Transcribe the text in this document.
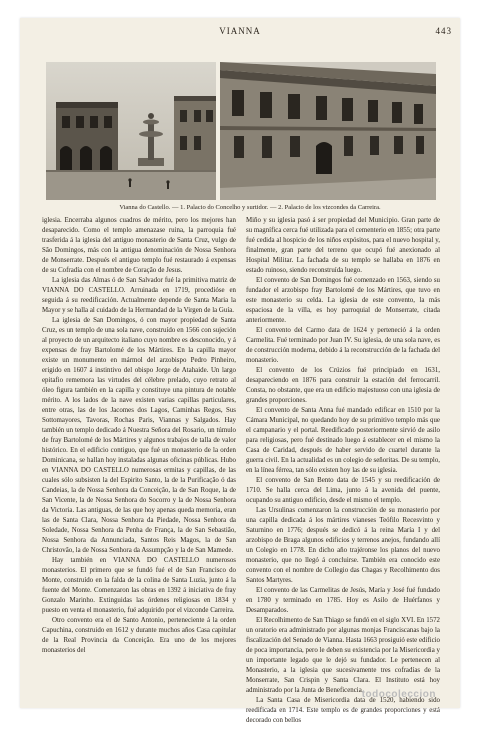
VIANNA	443
Vianna do Castello. — 1. Palacio do Concelho y surtidor. — 2. Palacio de los vizcondes da Carreira.

iglesia. Encerraba algunos cuadros de mérito, pero los mejores han desaparecido. Como el templo amenazase ruina, la parroquia fué trasferida á la iglesia del antiguo monasterio de Santa Cruz, vulgo de São Domingos, más con la antigua denominación de Nossa Senhora de Monserrate. Después el antiguo templo fué restaurado á expensas de su Cofradía con el nombre de Coração de Jesus.

La iglesia das Almas ó de San Salvador fué la primitiva matriz de VIANNA DO CASTELLO. Arruinada en 1719, procedióse en seguida á su reedificación. Actualmente depende de Santa Maria la Mayor y se halla al cuidado de la Hermandad de la Virgen de la Guía.

La iglesia de San Domingos, ó con mayor propiedad de Santa Cruz, es un templo de una sola nave, construído en 1566 con sujeción al proyecto de un arquitecto italiano cuyo nombre es desconocido, y á expensas de fray Bartolomé de los Mártires. En la capilla mayor existe un monumento en mármol del arzobispo Pedro Pinheiro, erigido en 1607 á instintivo del obispo Jorge de Atahaide. Un largo epitafio rememora las virtudes del célebre prelado, cuyo retrato al óleo figura también en la capilla y constituye una pintura de notable mérito. A los lados de la nave existen varias capillas particulares, entre otras, las de los Jacomes dos Lagos, Caminhas Regos, Sus Sottomayores, Tavoras, Rochas Paris, Viannas y Salgados. Hay también un templo dedicado á Nuestra Señora del Rosario, un túmulo de fray Bartolomé de los Mártires y algunos trabajos de talla de valor histórico. En el edificio contiguo, que fué un monasterio de la orden Dominicana, se hallan hoy instaladas algunas oficinas públicas. Hubo en VIANNA DO CASTELLO numerosas ermitas y capillas, de las cuales sólo subsisten la del Espirito Santo, la de la Purificação ó das Candeias, la de Nossa Senhora da Conceição, la de San Roque, la de San Vicente, la de Nossa Senhora do Socorro y la de Nossa Senhora da Victoria. Las antiguas, de las que hoy apenas queda memoria, eran las de Santa Clara, Nossa Senhora da Piedade, Nossa Senhora da Soledade, Nossa Senhora da Penha de França, la de San Sebastião, Nossa Senhora da Annunciada, Santos Reis Magos, la de San Christovão, la de Nossa Senhora da Assumpção y la de San Mamede.

Hay también en VIANNA DO CASTELLO numerosos monasterios. El primero que se fundó fué el de San Francisco do Monte, construído en la falda de la colina de Santa Luzia, junto á la fuente del Monte. Comenzaron las obras en 1392 á iniciativa de fray Gonzalo Marinho. Extinguidas las órdenes religiosas en 1834 y puesto en venta el monasterio, fué adquirido por el vizconde Carreira.

Otro convento era el de Santo Antonio, perteneciente á la orden Capuchina, construido en 1612 y durante muchos años Casa capitular de la Real Provincia da Conceição. Era uno de los mejores monasterios del

Miño y su iglesia pasó á ser propiedad del Municipio. Gran parte de su magnífica cerca fué utilizada para el cementerio en 1855; otra parte fué cedida al hospicio de los niños expósitos, para el nuevo hospital y, finalmente, gran parte del terreno que ocupó fué anexionado al Hospital Militar. La fachada de su templo se hallaba en 1876 en estado ruinoso, siendo reconstruída luego.

El convento de San Domingos fué comenzado en 1563, siendo su fundador el arzobispo fray Bartolomé de los Mártires, que tuvo en este monasterio su celda. La iglesia de este convento, la más espaciosa de la villa, es hoy parroquial de Monserrate, citada anteriormente.

El convento del Carmo data de 1624 y perteneció á la orden Carmelita. Fué terminado por Juan IV. Su iglesia, de una sola nave, es de construcción moderna, debido á la reconstrucción de la fachada del monasterio.

El convento de los Crúzios fué principiado en 1631, desapareciendo en 1876 para construir la estación del ferrocarril. Consta, no obstante, que era un edificio majestuoso con una iglesia de grandes proporciones.

El convento de Santa Anna fué mandado edificar en 1510 por la Cámara Municipal, no quedando hoy de su primitivo templo más que el campanario y el portal. Reedificado posteriormente sirvió de asilo para religiosas, pero fué destinado luego á establecer en el mismo la Casa de Caridad, después de haber servido de cuartel durante la guerra civil. En la actualidad es un colegio de señoritas. De su templo, en la línea férrea, tan sólo existen hoy las de su iglesia.

El convento de San Bento data de 1545 y su reedificación de 1710. Se halla cerca del Lima, junto á la avenida del puente, ocupando su antiguo edificio, desde el mismo el templo.

Las Ursulinas comenzaron la construcción de su monasterio por una capilla dedicada á los mártires vianeses Teófilo Recesvinto y Saturnino en 1776; después se dedicó á la reina María I y del arzobispo de Braga algunos edificios y terrenos anejos, fundando allí un Colegio en 1778. En dicho año trajéronse los planos del nuevo monasterio, que no llegó á concluirse. También era conocido este convento con el nombre de Collegio das Chagas y Recolhimento dos Santos Martyres.

El convento de las Carmelitas de Jesús, María y José fué fundado en 1780 y terminado en 1785. Hoy es Asilo de Huérfanos y Desamparados.

El Recolhimento de San Thiago se fundó en el siglo XVI. En 1572 un oratorio era administrado por algunas monjas Franciscanas bajo la fiscalización del Senado de Vianna. Hasta 1663 prosiguió este edificio de poca importancia, pero le deben su existencia por la Misericordia y un importante legado que le dejó su fundador. Le pertenecen al Monasterio, a la iglesia que sucesivamente tres cofradías de la Monserrate, San Crispin y Santa Clara. El Instituto está hoy administrado por la Junta de Beneficencia.

La Santa Casa de Misericordia data de 1520, habiendo sido reedificada en 1714. Este templo es de grandes proporciones y está decorado con bellos

todocoleccion
